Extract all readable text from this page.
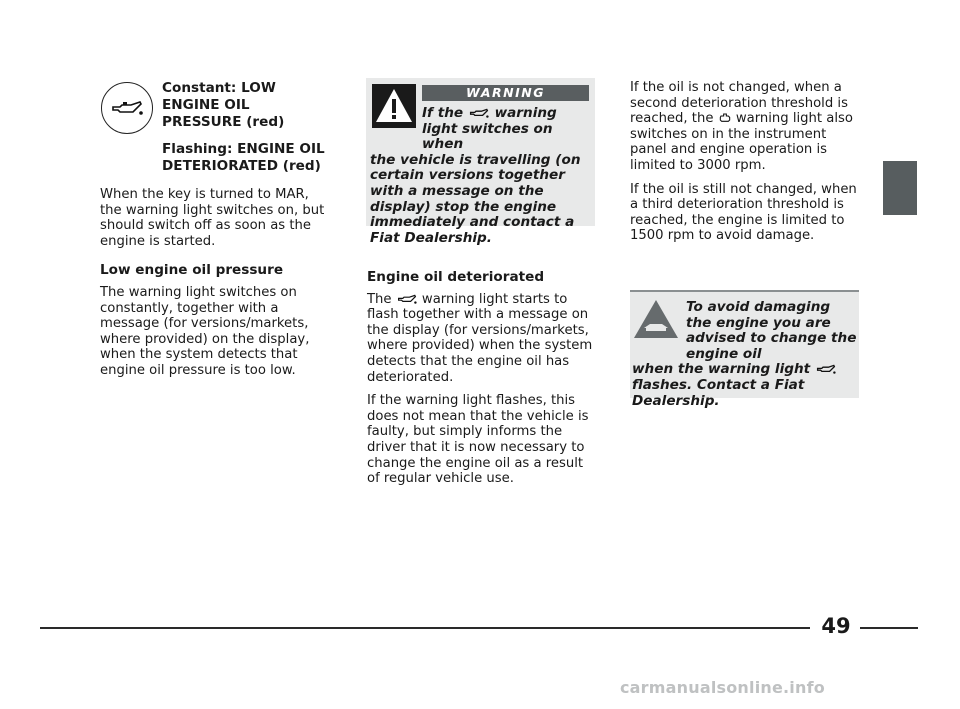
Constant: LOW ENGINE OIL PRESSURE (red)
Flashing: ENGINE OIL DETERIORATED (red)

When the key is turned to MAR, the warning light switches on, but should switch off as soon as the engine is started.

Low engine oil pressure

The warning light switches on constantly, together with a message (for versions/markets, where provided) on the display, when the system detects that engine oil pressure is too low.

WARNING
If the  warning light switches on when
the vehicle is travelling (on certain versions together with a message on the display) stop the engine immediately and contact a Fiat Dealership.
Engine oil deteriorated

The  warning light starts to flash together with a message on the display (for versions/markets, where provided) when the system detects that the engine oil has deteriorated.

If the warning light flashes, this does not mean that the vehicle is faulty, but simply informs the driver that it is now necessary to change the engine oil as a result of regular vehicle use.

If the oil is not changed, when a second deterioration threshold is reached, the  warning light also switches on in the instrument panel and engine operation is limited to 3000 rpm.

If the oil is still not changed, when a third deterioration threshold is reached, the engine is limited to 1500 rpm to avoid damage.

To avoid damaging the engine you are advised to change the engine oil
when the warning light  flashes. Contact a Fiat Dealership.
49
carmanualsonline.info
